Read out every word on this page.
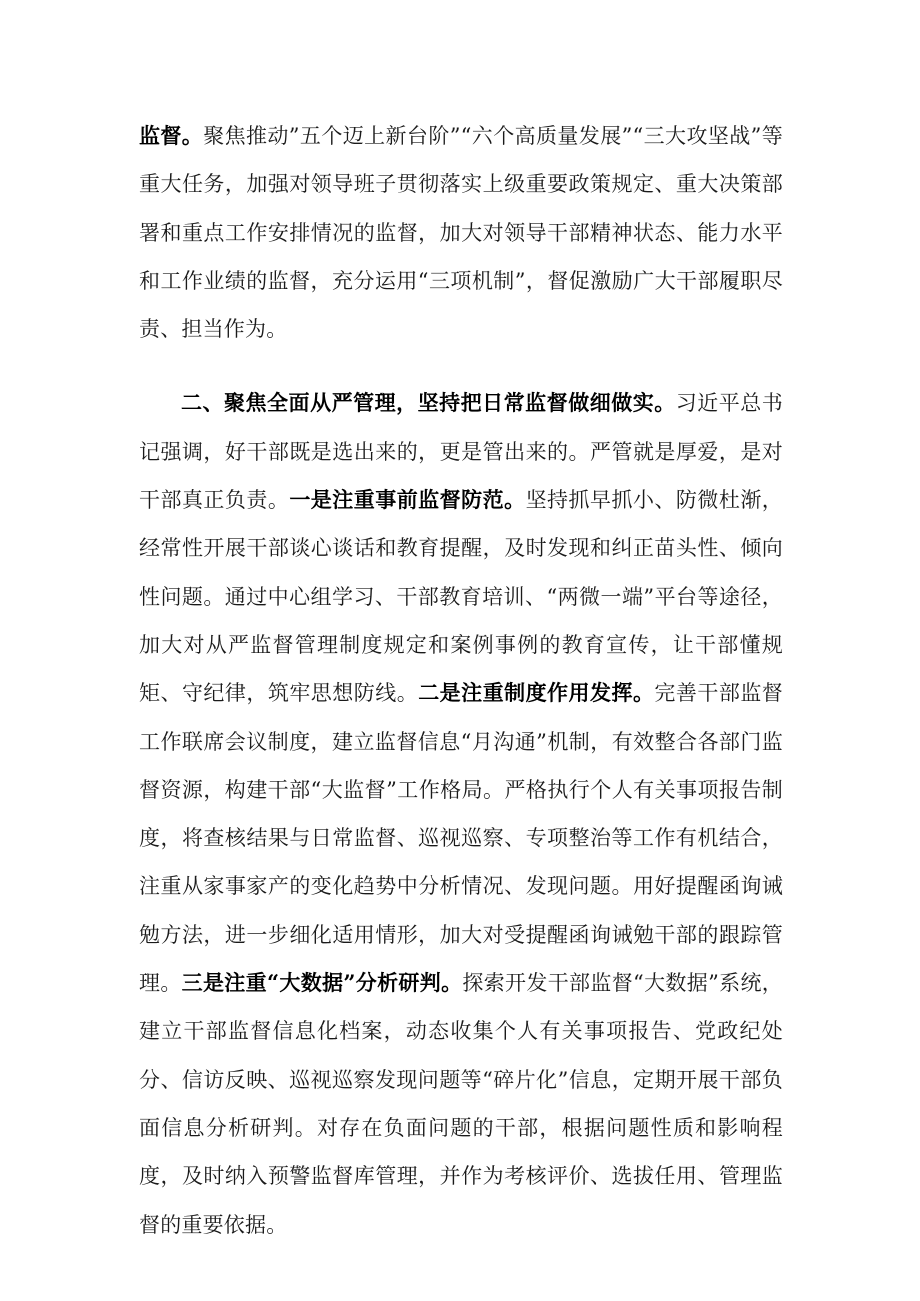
监督。聚焦推动”五个迈上新台阶”“六个高质量发展”“三大攻坚战”等重大任务，加强对领导班子贯彻落实上级重要政策规定、重大决策部署和重点工作安排情况的监督，加大对领导干部精神状态、能力水平和工作业绩的监督，充分运用“三项机制”，督促激励广大干部履职尽责、担当作为。

二、聚焦全面从严管理，坚持把日常监督做细做实。习近平总书记强调，好干部既是选出来的，更是管出来的。严管就是厚爱，是对干部真正负责。一是注重事前监督防范。坚持抓早抓小、防微杜渐，经常性开展干部谈心谈话和教育提醒，及时发现和纠正苗头性、倾向性问题。通过中心组学习、干部教育培训、“两微一端”平台等途径，加大对从严监督管理制度规定和案例事例的教育宣传，让干部懂规矩、守纪律，筑牢思想防线。二是注重制度作用发挥。完善干部监督工作联席会议制度，建立监督信息“月沟通”机制，有效整合各部门监督资源，构建干部“大监督”工作格局。严格执行个人有关事项报告制度，将查核结果与日常监督、巡视巡察、专项整治等工作有机结合，注重从家事家产的变化趋势中分析情况、发现问题。用好提醒函询诫勉方法，进一步细化适用情形，加大对受提醒函询诫勉干部的跟踪管理。三是注重“大数据”分析研判。探索开发干部监督“大数据”系统，建立干部监督信息化档案，动态收集个人有关事项报告、党政纪处分、信访反映、巡视巡察发现问题等“碎片化”信息，定期开展干部负面信息分析研判。对存在负面问题的干部，根据问题性质和影响程度，及时纳入预警监督库管理，并作为考核评价、选拔任用、管理监督的重要依据。
